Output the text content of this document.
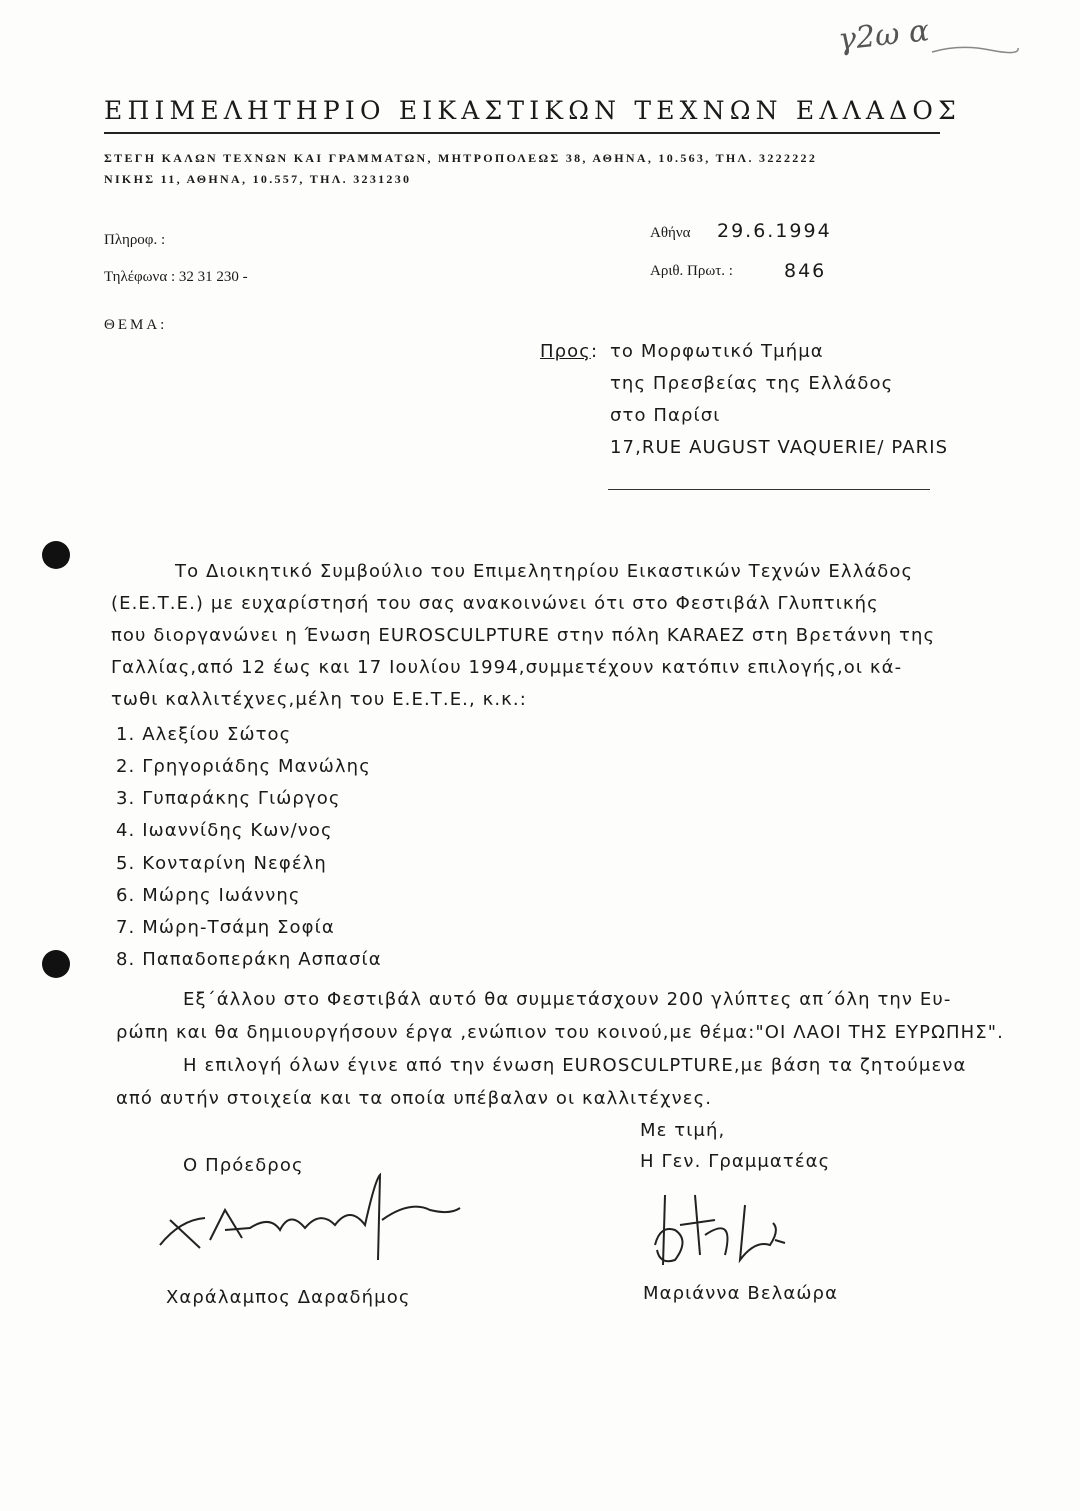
γ2ω α
ΕΠΙΜΕΛΗΤΗΡΙΟ ΕΙΚΑΣΤΙΚΩΝ ΤΕΧΝΩΝ ΕΛΛΑΔΟΣ
ΣΤΕΓΗ ΚΑΛΩΝ ΤΕΧΝΩΝ ΚΑΙ ΓΡΑΜΜΑΤΩΝ, ΜΗΤΡΟΠΟΛΕΩΣ 38, ΑΘΗΝΑ, 10.563, ΤΗΛ. 3222222
ΝΙΚΗΣ 11, ΑΘΗΝΑ, 10.557, ΤΗΛ. 3231230
Πληροφ. :
Τηλέφωνα : 32 31 230 -
Αθήνα 29.6.1994
Αριθ. Πρωτ. :	846
ΘΕΜΑ:
Προς: το Μορφωτικό Τμήμα
της Πρεσβείας της Ελλάδος
στο Παρίσι
17,RUE AUGUST VAQUERIE/ PARIS
Το Διοικητικό Συμβούλιο του Επιμελητηρίου Εικαστικών Τεχνών Ελλάδος
(Ε.Ε.Τ.Ε.) με ευχαρίστησή του σας ανακοινώνει ότι στο Φεστιβάλ Γλυπτικής
που διοργανώνει η Ένωση EUROSCULPTURE στην πόλη KARAEZ στη Βρετάννη της
Γαλλίας,από 12 έως και 17 Ιουλίου 1994,συμμετέχουν κατόπιν επιλογής,οι κά-
τωθι καλλιτέχνες,μέλη του Ε.Ε.Τ.Ε., κ.κ.:
1. Αλεξίου Σώτος
2. Γρηγοριάδης Μανώλης
3. Γυπαράκης Γιώργος
4. Ιωαννίδης Κων/νος
5. Κονταρίνη Νεφέλη
6. Μώρης Ιωάννης
7. Μώρη-Τσάμη Σοφία
8. Παπαδοπεράκη Ασπασία
Εξ΄άλλου στο Φεστιβάλ αυτό θα συμμετάσχουν 200 γλύπτες απ΄όλη την Ευ-
ρώπη και θα δημιουργήσουν έργα ,ενώπιον του κοινού,με θέμα:"ΟΙ ΛΑΟΙ ΤΗΣ ΕΥΡΩΠΗΣ".
Η επιλογή όλων έγινε από την ένωση EUROSCULPTURE,με βάση τα ζητούμενα
από αυτήν στοιχεία και τα οποία υπέβαλαν οι καλλιτέχνες.
Με τιμή,
Ο Πρόεδρος	Η Γεν. Γραμματέας
Χαράλαμπος Δαραδήμος	Μαριάννα Βελαώρα
